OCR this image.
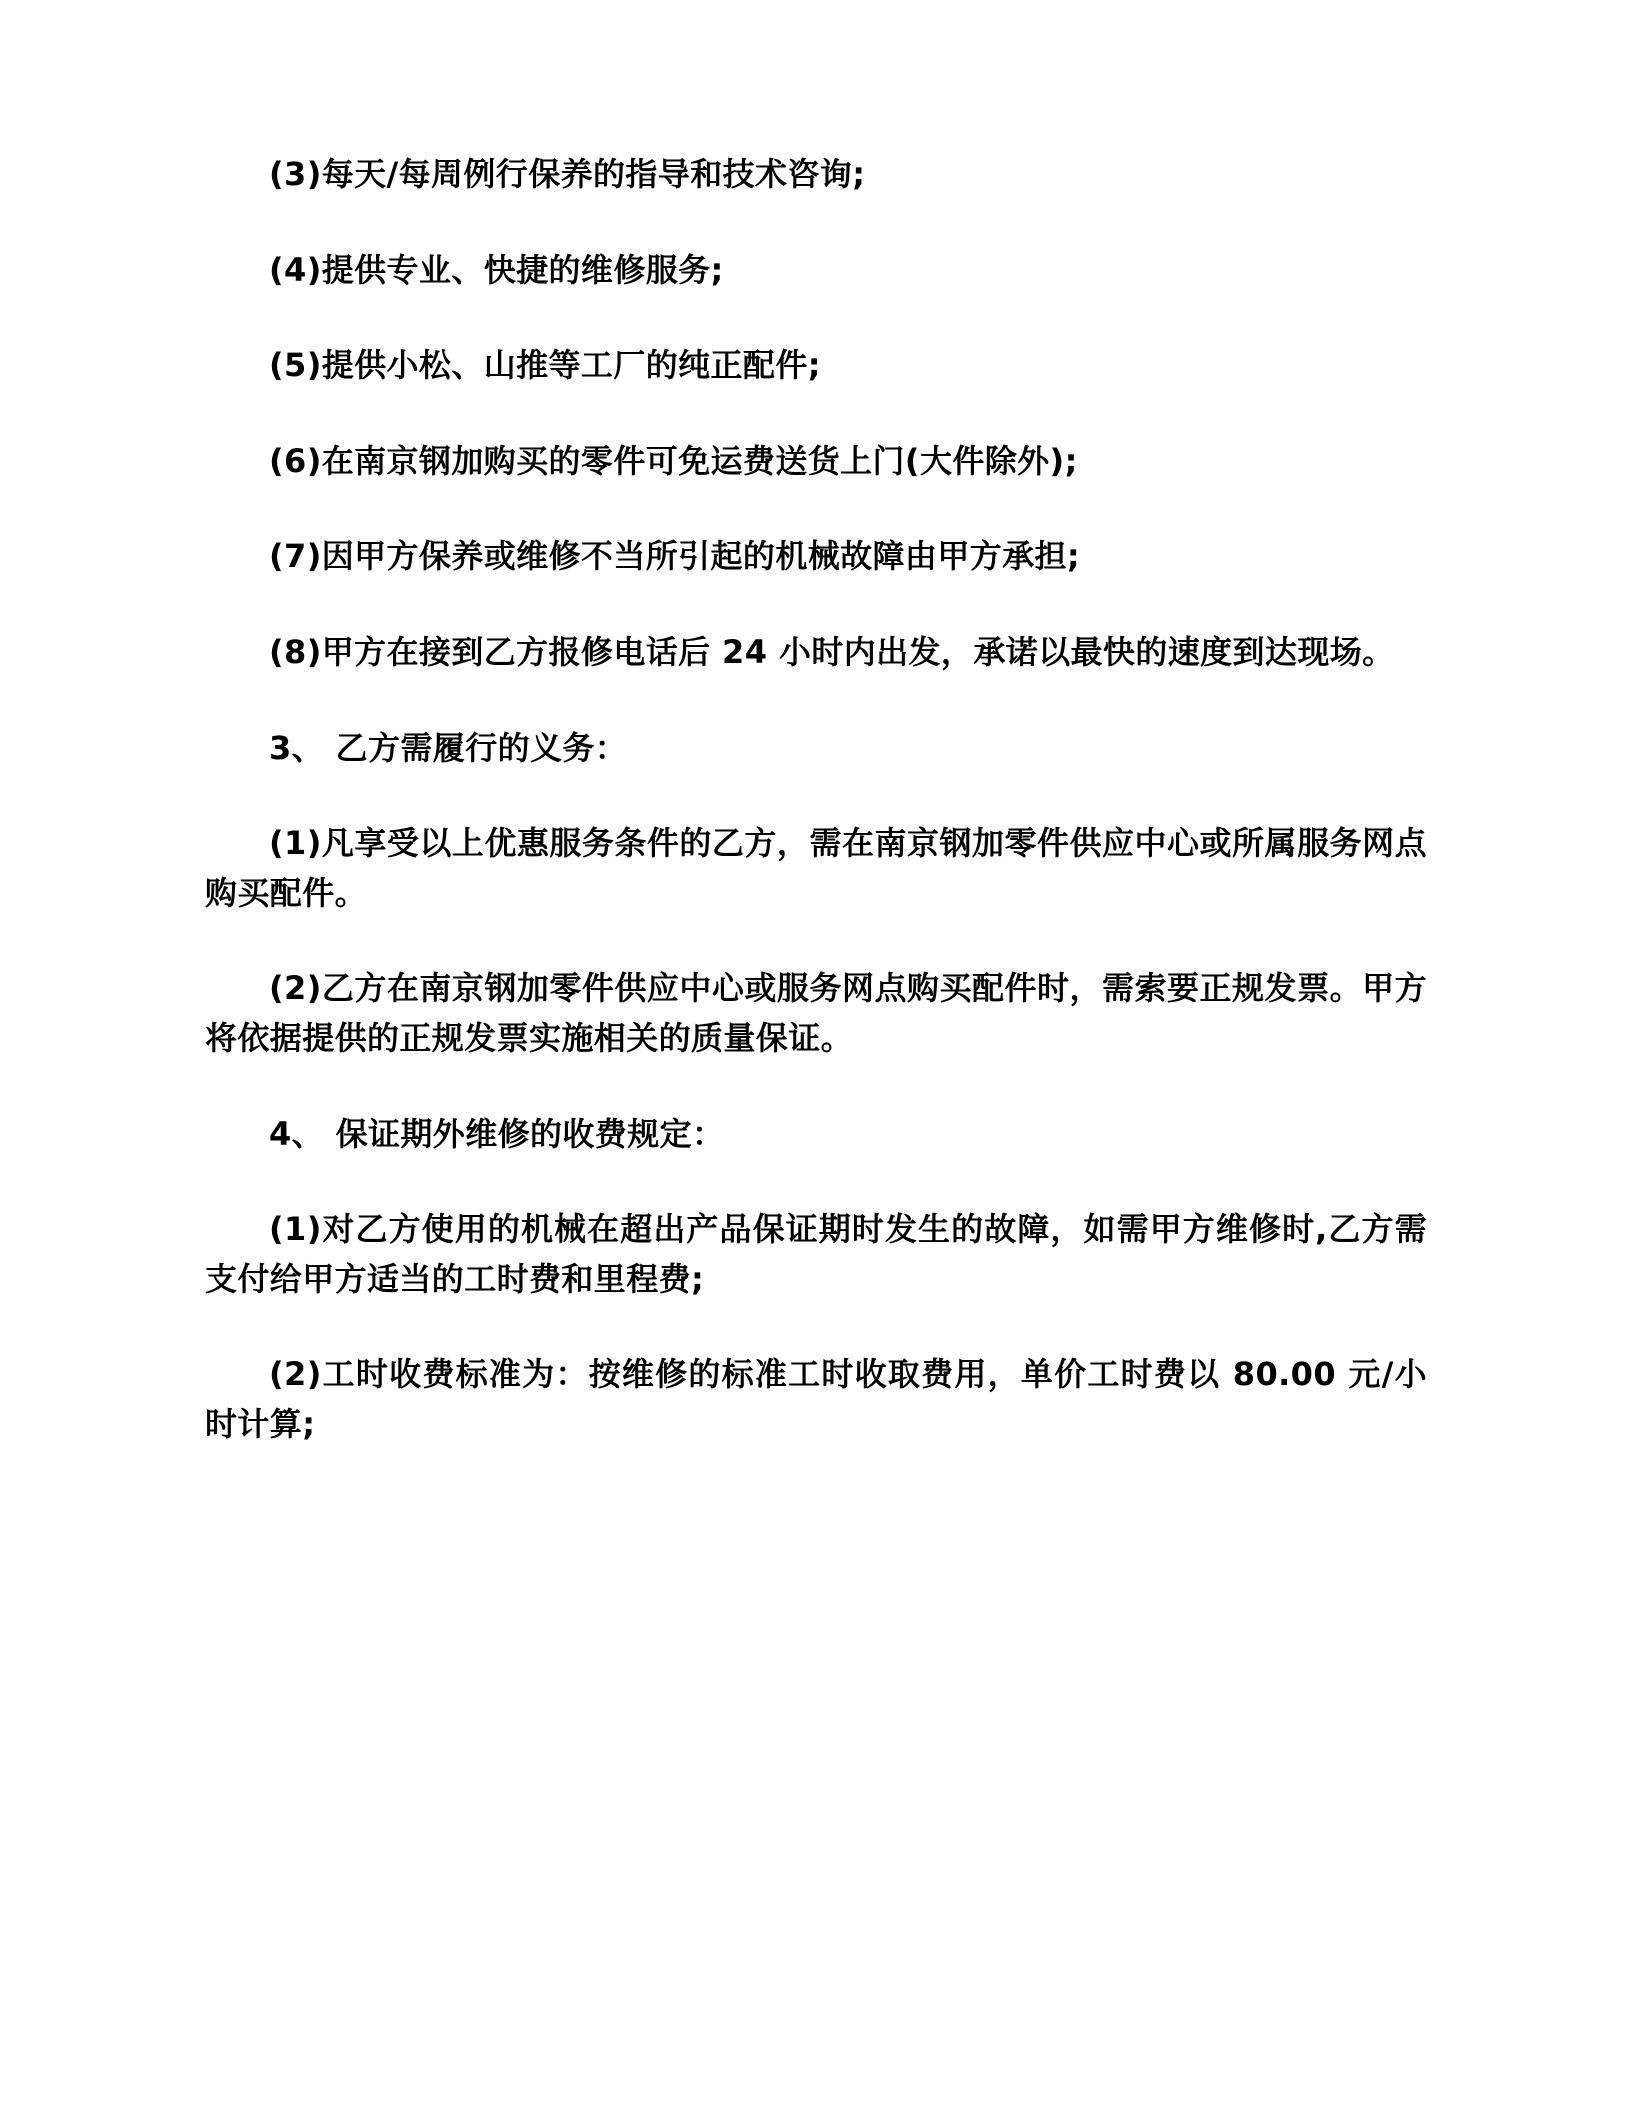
(3)每天/每周例行保养的指导和技术咨询;

(4)提供专业、快捷的维修服务;

(5)提供小松、山推等工厂的纯正配件;

(6)在南京钢加购买的零件可免运费送货上门(大件除外);

(7)因甲方保养或维修不当所引起的机械故障由甲方承担;

(8)甲方在接到乙方报修电话后 24 小时内出发，承诺以最快的速度到达现场。

3、 乙方需履行的义务：

(1)凡享受以上优惠服务条件的乙方，需在南京钢加零件供应中心或所属服务网点购买配件。

(2)乙方在南京钢加零件供应中心或服务网点购买配件时，需索要正规发票。甲方将依据提供的正规发票实施相关的质量保证。

4、 保证期外维修的收费规定：

(1)对乙方使用的机械在超出产品保证期时发生的故障，如需甲方维修时,乙方需支付给甲方适当的工时费和里程费;

(2)工时收费标准为：按维修的标准工时收取费用，单价工时费以 80.00 元/小时计算;
